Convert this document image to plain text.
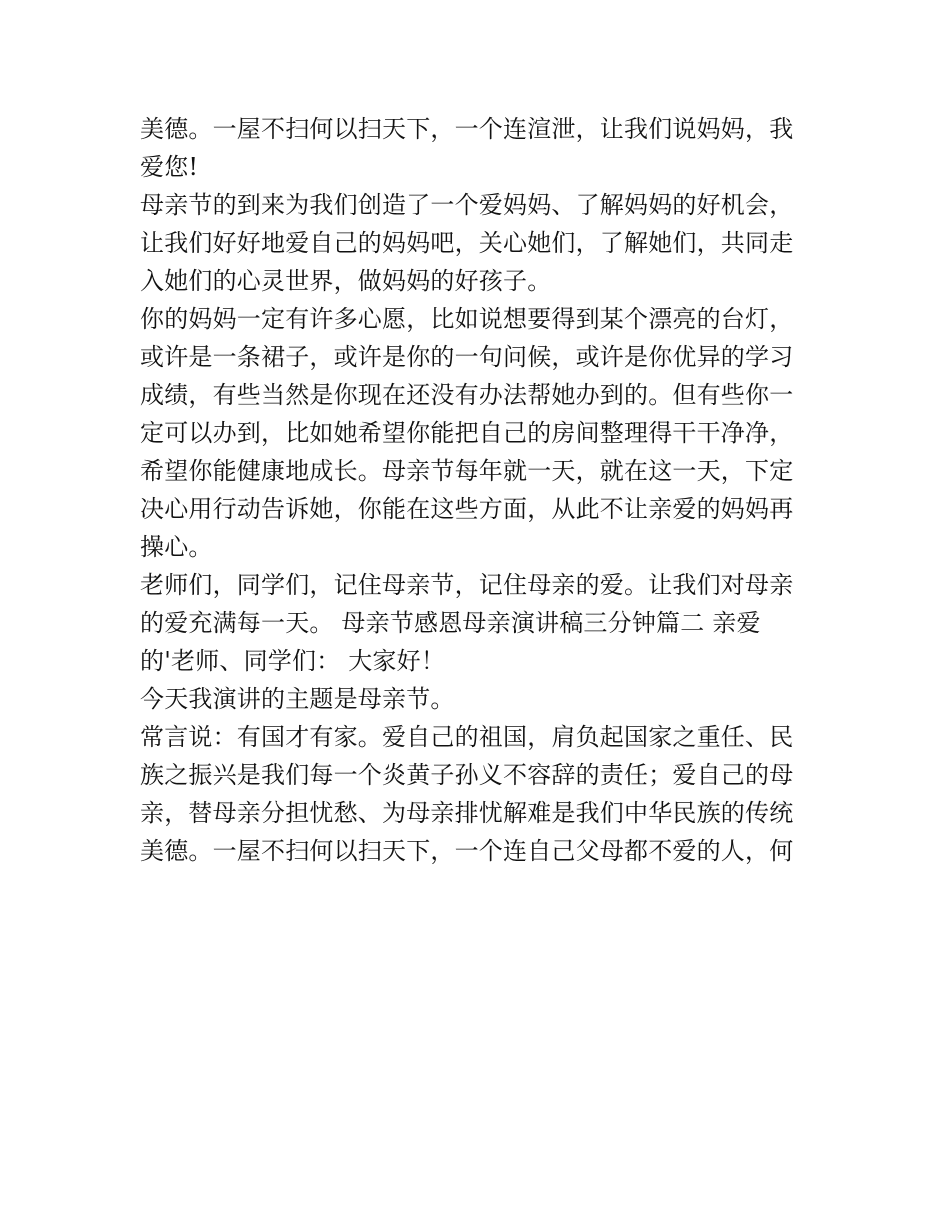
美德。一屋不扫何以扫天下，一个连渲泄，让我们说妈妈，我

爱您!

母亲节的到来为我们创造了一个爱妈妈、了解妈妈的好机会，

让我们好好地爱自己的妈妈吧，关心她们，了解她们，共同走

入她们的心灵世界，做妈妈的好孩子。

你的妈妈一定有许多心愿，比如说想要得到某个漂亮的台灯，

或许是一条裙子，或许是你的一句问候，或许是你优异的学习

成绩，有些当然是你现在还没有办法帮她办到的。但有些你一

定可以办到，比如她希望你能把自己的房间整理得干干净净，

希望你能健康地成长。母亲节每年就一天，就在这一天，下定

决心用行动告诉她，你能在这些方面，从此不让亲爱的妈妈再

操心。

老师们，同学们，记住母亲节，记住母亲的爱。让我们对母亲

的爱充满每一天。 母亲节感恩母亲演讲稿三分钟篇二 亲爱

的'老师、同学们： 大家好！

今天我演讲的主题是母亲节。

常言说：有国才有家。爱自己的祖国，肩负起国家之重任、民

族之振兴是我们每一个炎黄子孙义不容辞的责任；爱自己的母

亲，替母亲分担忧愁、为母亲排忧解难是我们中华民族的传统

美德。一屋不扫何以扫天下，一个连自己父母都不爱的人，何
